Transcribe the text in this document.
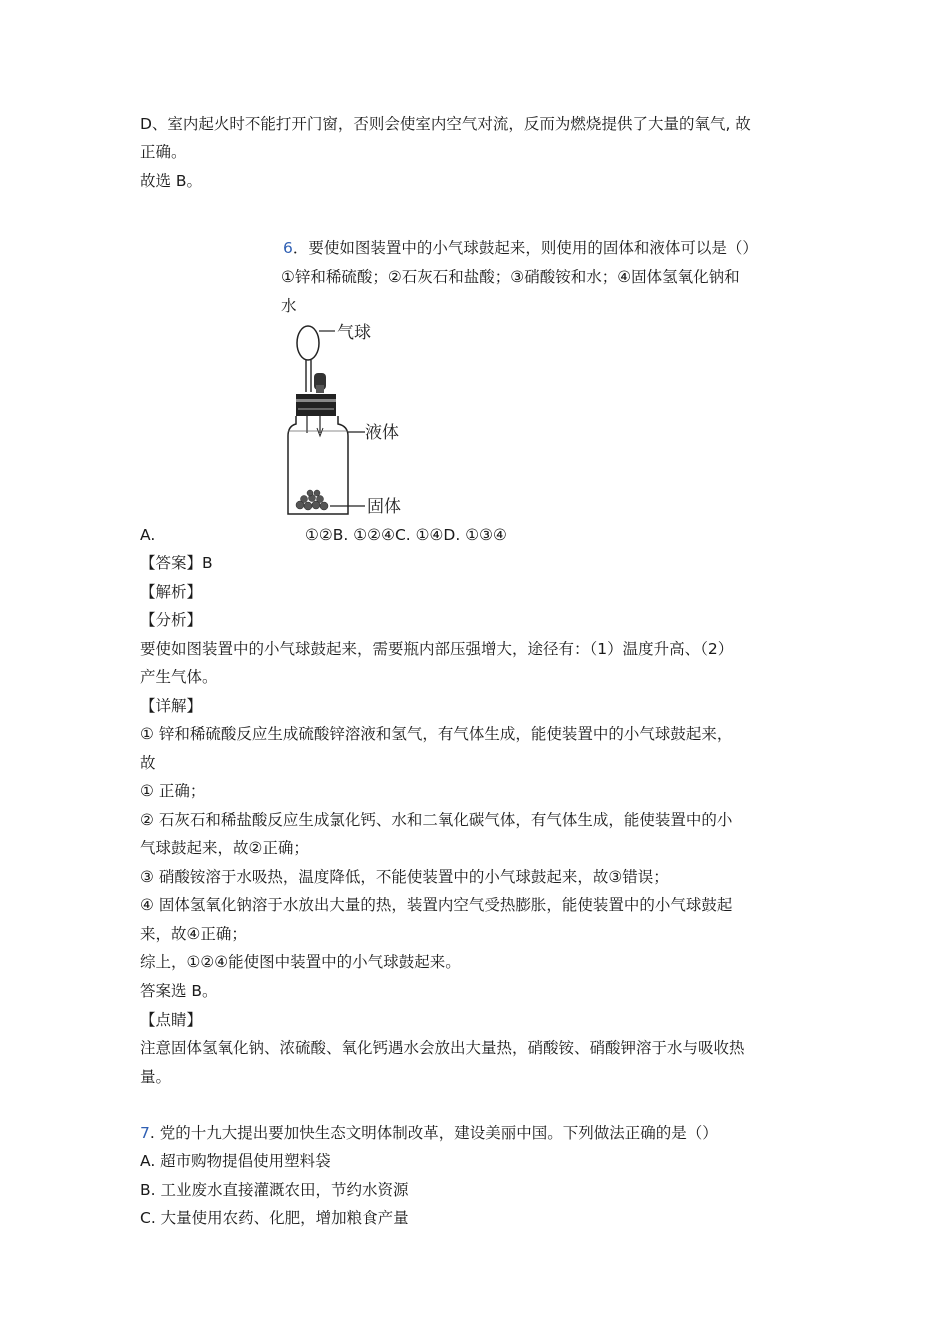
D、室内起火时不能打开门窗，否则会使室内空气对流，反而为燃烧提供了大量的氧气, 故
正确。
故选 B。
6．要使如图装置中的小气球鼓起来，则使用的固体和液体可以是（）
①锌和稀硫酸；②石灰石和盐酸；③硝酸铵和水；④固体氢氧化钠和
水
气球
液体
固体
A.	①②B. ①②④C. ①④D. ①③④
【答案】B
【解析】
【分析】
要使如图装置中的小气球鼓起来，需要瓶内部压强增大，途径有：（1）温度升高、（2）
产生气体。
【详解】
① 锌和稀硫酸反应生成硫酸锌溶液和氢气，有气体生成，能使装置中的小气球鼓起来，
故
① 正确；
② 石灰石和稀盐酸反应生成氯化钙、水和二氧化碳气体，有气体生成，能使装置中的小
气球鼓起来，故②正确；
③ 硝酸铵溶于水吸热，温度降低，不能使装置中的小气球鼓起来，故③错误；
④ 固体氢氧化钠溶于水放出大量的热，装置内空气受热膨胀，能使装置中的小气球鼓起
来，故④正确；
综上，①②④能使图中装置中的小气球鼓起来。
答案选 B。
【点睛】
注意固体氢氧化钠、浓硫酸、氧化钙遇水会放出大量热，硝酸铵、硝酸钾溶于水与吸收热
量。
7. 党的十九大提出要加快生态文明体制改革，建设美丽中国。下列做法正确的是（）
A. 超市购物提倡使用塑料袋
B. 工业废水直接灌溉农田，节约水资源
C. 大量使用农药、化肥，增加粮食产量
